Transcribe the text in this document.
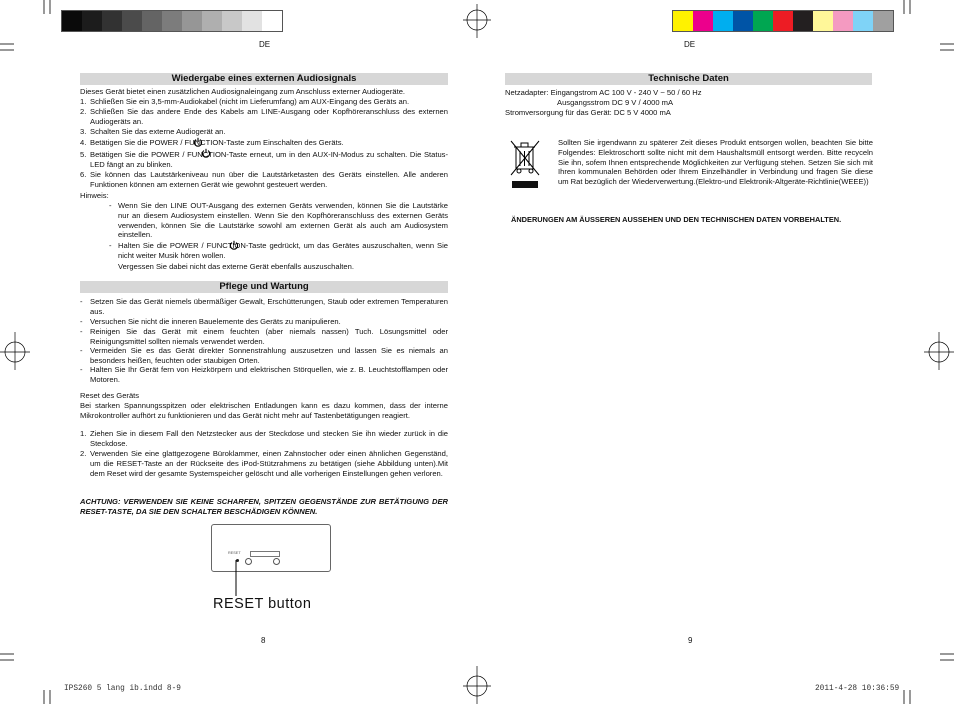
DE	DE
Wiedergabe eines externen Audiosignals
Dieses Gerät bietet einen zusätzlichen Audiosignaleingang zum Anschluss externer Audiogeräte.
1. Schließen Sie ein 3,5-mm-Audiokabel (nicht im Lieferumfang) am AUX-Eingang des Geräts an.
2. Schließen Sie das andere Ende des Kabels am LINE-Ausgang oder Kopfhöreranschluss des externen Audiogeräts an.
3. Schalten Sie das externe Audiogerät an.
4. Betätigen Sie die POWER / FUNCTION-Taste zum Einschalten des Geräts.
5. Betätigen Sie die POWER / FUNCTION-Taste erneut, um in den AUX-IN-Modus zu schalten. Die Status-LED fängt an zu blinken.
6. Sie können das Lautstärkeniveau nun über die Lautstärketasten des Geräts einstellen. Alle anderen Funktionen können am externen Gerät wie gewohnt gesteuert werden.
Hinweis:
- Wenn Sie den LINE OUT-Ausgang des externen Geräts verwenden, können Sie die Lautstärke nur an diesem Audiosystem einstellen. Wenn Sie den Kopfhöreranschluss des externen Geräts verwenden, können Sie die Lautstärke sowohl am externen Gerät als auch am Audiosystem einstellen.
- Halten Sie die POWER / FUNCTION-Taste gedrückt, um das Gerätes auszuschalten, wenn Sie nicht weiter Musik hören wollen.
Vergessen Sie dabei nicht das externe Gerät ebenfalls auszuschalten.
Pflege und Wartung
- Setzen Sie das Gerät niemels übermäßiger Gewalt, Erschütterungen, Staub oder extremen Temperaturen aus.
- Versuchen Sie nicht die inneren Bauelemente des Geräts zu manipulieren.
- Reinigen Sie das Gerät mit einem feuchten (aber niemals nassen) Tuch. Lösungsmittel oder Reinigungsmittel sollten niemals verwendet werden.
- Vermeiden Sie es das Gerät direkter Sonnenstrahlung auszusetzen und lassen Sie es niemals an besonders heißen, feuchten oder staubigen Orten.
- Halten Sie Ihr Gerät fern von Heizkörpern und elektrischen Störquellen, wie z. B. Leuchtstofflampen oder Motoren.
Reset des Geräts
Bei starken Spannungsspitzen oder elektrischen Entladungen kann es dazu kommen, dass der interne Mikrokontroller aufhört zu funktionieren und das Gerät nicht mehr auf Tastenbetätigungen reagiert.
1. Ziehen Sie in diesem Fall den Netzstecker aus der Steckdose und stecken Sie ihn wieder zurück in die Steckdose.
2. Verwenden Sie eine glattgezogene Büroklammer, einen Zahnstocher oder einen ähnlichen Gegenständ, um die RESET-Taste an der Rückseite des iPod-Stützrahmens zu betätigen (siehe Abbildung unten).Mit dem Reset wird der gesamte Systemspeicher gelöscht und alle vorherigen Einstellungen gehen verloren.
ACHTUNG: VERWENDEN SIE KEINE SCHARFEN, SPITZEN GEGENSTÄNDE ZUR BETÄTIGUNG DER RESET-TASTE, DA SIE DEN SCHALTER BESCHÄDIGEN KÖNNEN.
RESET
RESET button
8
Technische Daten
Netzadapter: Eingangstrom AC 100 V - 240 V ~ 50 / 60 Hz
Ausgangsstrom DC 9 V / 4000 mA
Stromversorgung für das Gerät: DC 5 V 4000 mA
Sollten Sie irgendwann zu späterer Zeit dieses Produkt entsorgen wollen, beachten Sie bitte Folgendes: Elektroschortt sollte nicht mit dem Haushaltsmüll entsorgt werden. Bitte recyceln Sie ihn, sofem Ihnen entsprechende Möglichkeiten zur Verfügung stehen. Setzen Sie sich mit Ihren kommunalen Behörden oder Ihrem Einzelhändler in Verbindung und fragen Sie diese um Rat bezüglich der Wiederverwertung.(Elektro-und Elektronik-Altgeräte-Richtlinie(WEEE))
ÄNDERUNGEN AM ÄUSSEREN AUSSEHEN UND DEN TECHNISCHEN DATEN VORBEHALTEN.
9
IPS260 5 lang ib.indd 8-9	2011-4-28 10:36:59
